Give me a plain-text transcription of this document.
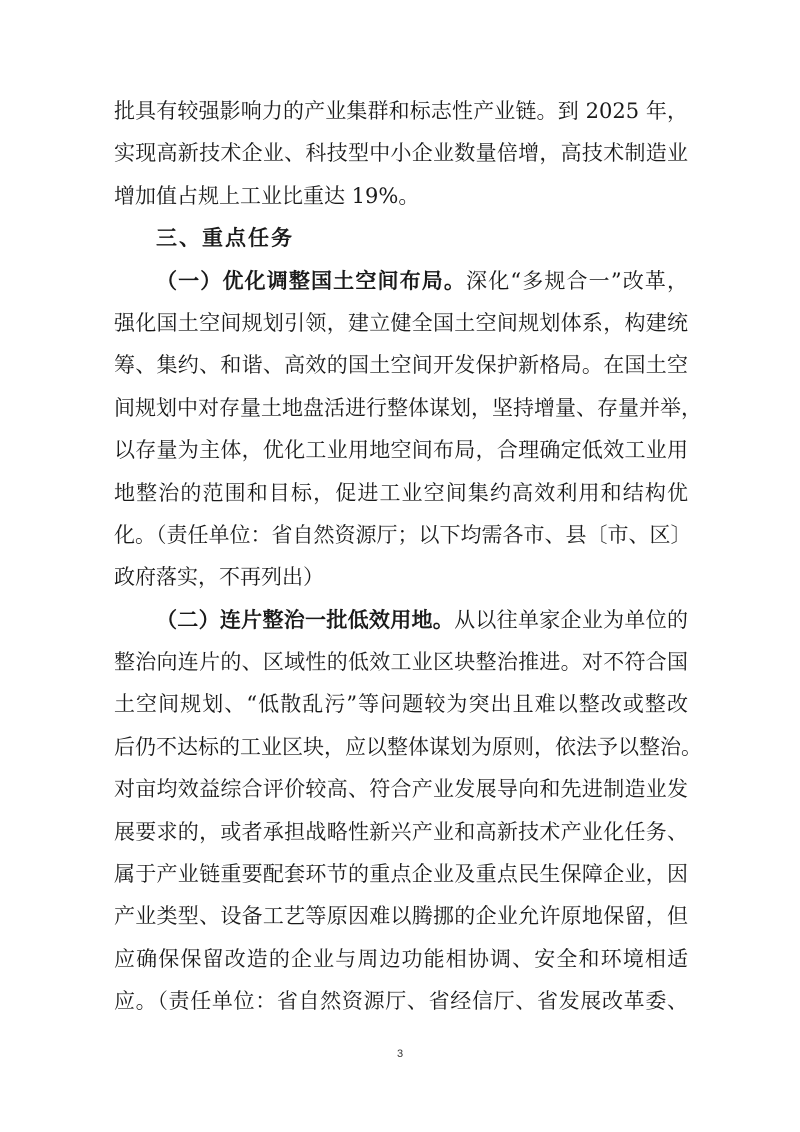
批具有较强影响力的产业集群和标志性产业链。到 2025 年，
实现高新技术企业、科技型中小企业数量倍增，高技术制造业
增加值占规上工业比重达 19%。
三、重点任务
（一）优化调整国土空间布局。深化“多规合一”改革，
强化国土空间规划引领，建立健全国土空间规划体系，构建统
筹、集约、和谐、高效的国土空间开发保护新格局。在国土空
间规划中对存量土地盘活进行整体谋划，坚持增量、存量并举，
以存量为主体，优化工业用地空间布局，合理确定低效工业用
地整治的范围和目标，促进工业空间集约高效利用和结构优
化。（责任单位：省自然资源厅；以下均需各市、县〔市、区〕
政府落实，不再列出）
（二）连片整治一批低效用地。从以往单家企业为单位的
整治向连片的、区域性的低效工业区块整治推进。对不符合国
土空间规划、“低散乱污”等问题较为突出且难以整改或整改
后仍不达标的工业区块，应以整体谋划为原则，依法予以整治。
对亩均效益综合评价较高、符合产业发展导向和先进制造业发
展要求的，或者承担战略性新兴产业和高新技术产业化任务、
属于产业链重要配套环节的重点企业及重点民生保障企业，因
产业类型、设备工艺等原因难以腾挪的企业允许原地保留，但
应确保保留改造的企业与周边功能相协调、安全和环境相适
应。（责任单位：省自然资源厅、省经信厅、省发展改革委、
3
